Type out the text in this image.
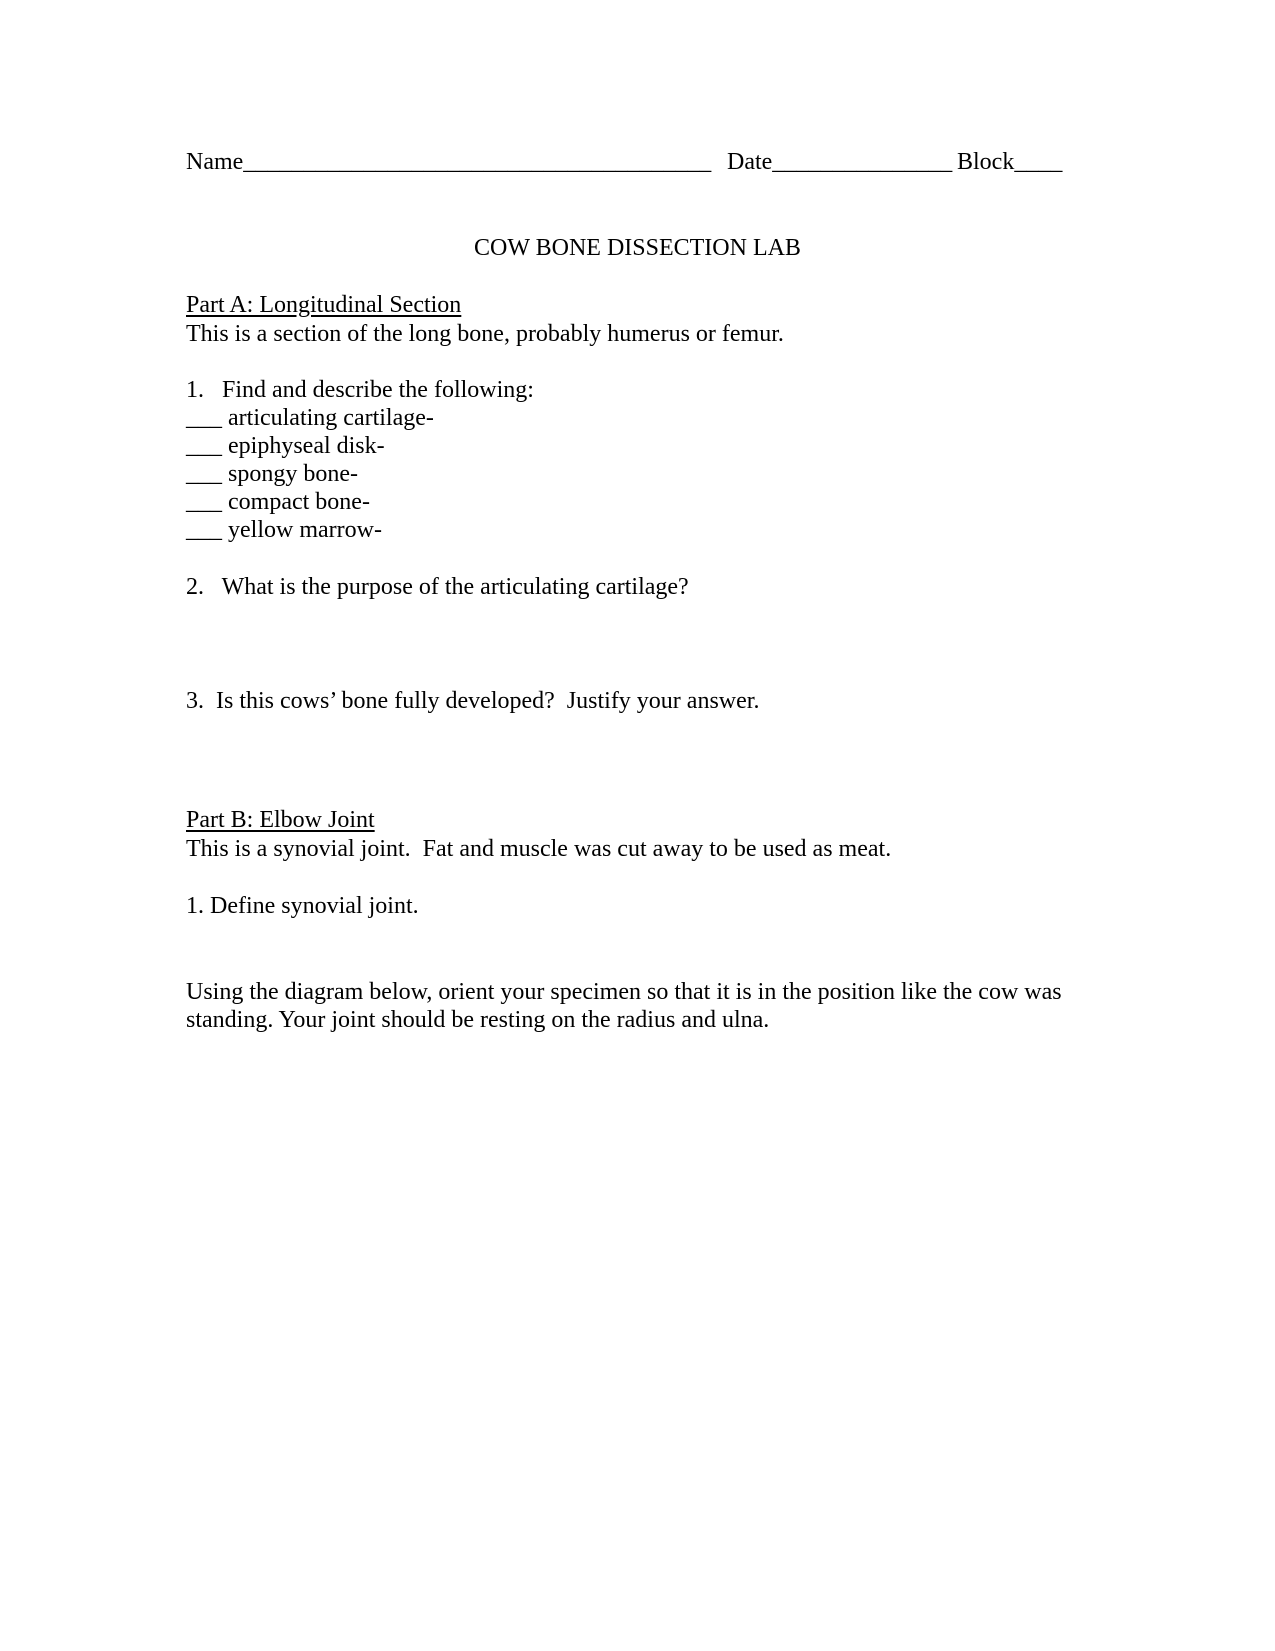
Name_______________________________________ Date_______________ Block____
COW BONE DISSECTION LAB
Part A: Longitudinal Section
This is a section of the long bone, probably humerus or femur.
1.   Find and describe the following:
___ articulating cartilage-
___ epiphyseal disk-
___ spongy bone-
___ compact bone-
___ yellow marrow-
2.   What is the purpose of the articulating cartilage?
3.  Is this cows’ bone fully developed?  Justify your answer.
Part B: Elbow Joint
This is a synovial joint.  Fat and muscle was cut away to be used as meat.
1. Define synovial joint.
Using the diagram below, orient your specimen so that it is in the position like the cow was standing. Your joint should be resting on the radius and ulna.
